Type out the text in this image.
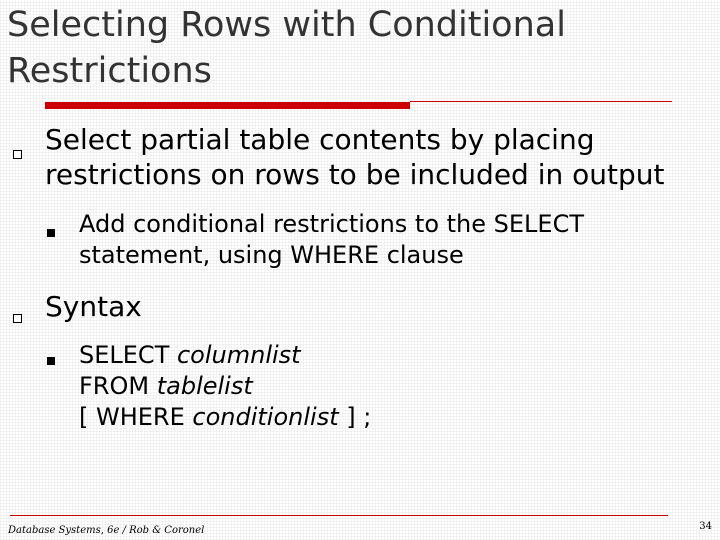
Selecting Rows with Conditional
Restrictions
Select partial table contents by placing
restrictions on rows to be included in output
Add conditional restrictions to the SELECT
statement, using WHERE clause
Syntax
SELECT columnlist
FROM tablelist
[ WHERE conditionlist ] ;
Database Systems, 6e / Rob & Coronel	34
